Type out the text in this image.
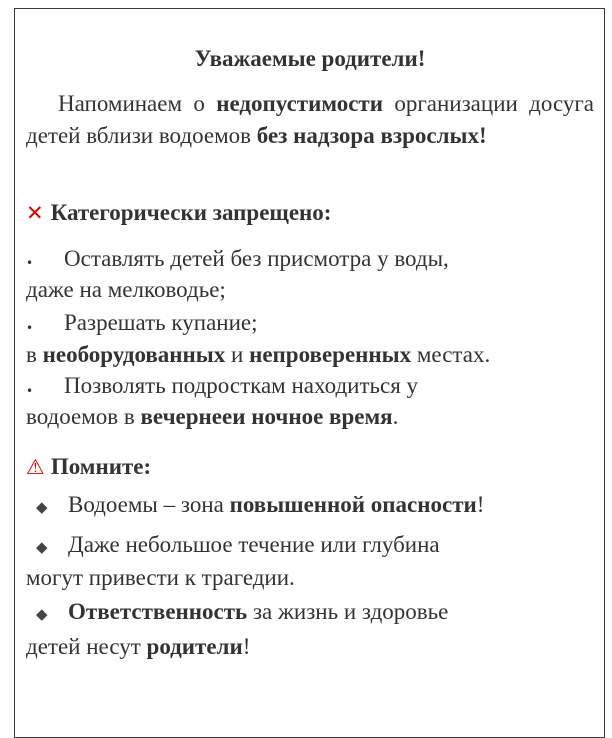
Уважаемые родители!
Напоминаем о недопустимости организации досуга детей вблизи водоемов без надзора взрослых!
✕ Категорически запрещено:
• Оставлять детей без присмотра у воды,
даже на мелководье;
• Разрешать купание;
в необорудованных и непроверенных местах.
• Позволять подросткам находиться у
водоемов в вечернееи ночное время.
⚠ Помните:
◆ Водоемы – зона повышенной опасности!
◆ Даже небольшое течение или глубина
могут привести к трагедии.
◆ Ответственность за жизнь и здоровье
детей несут родители!
